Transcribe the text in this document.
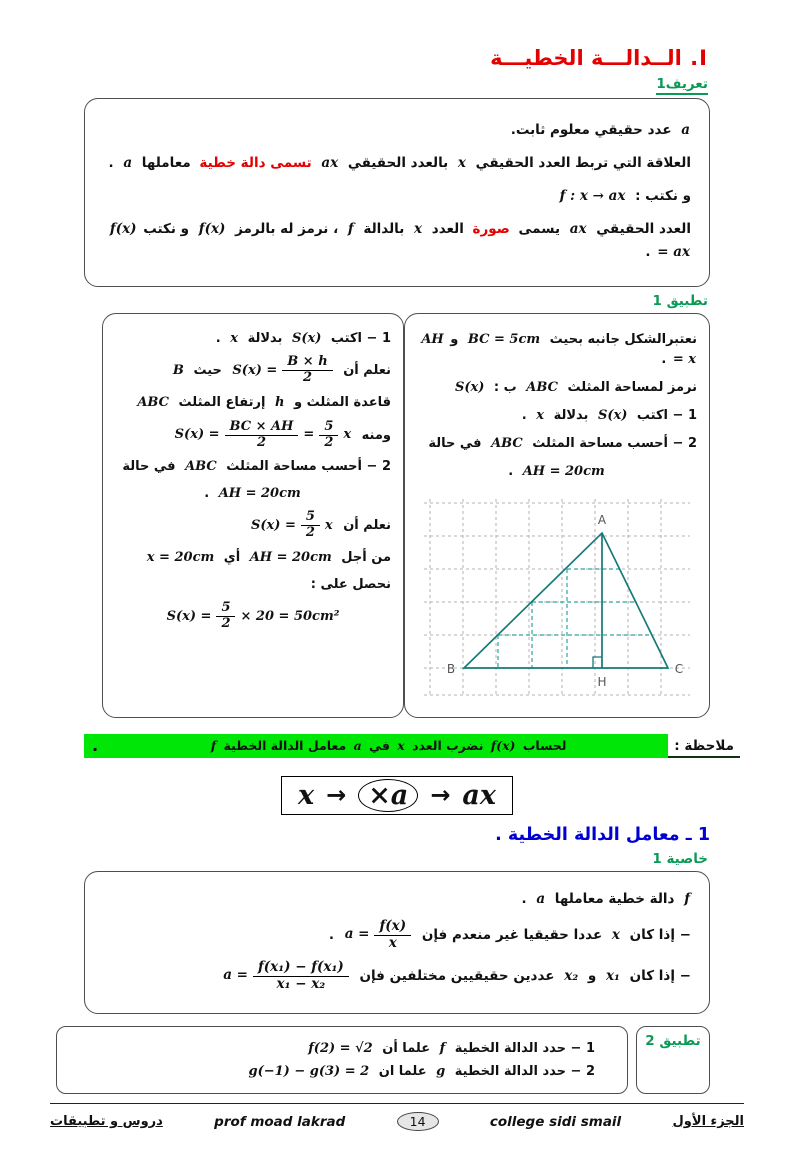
I. الــدالـــة الخطيـــة
تعريف1

a عدد حقيقي معلوم ثابت.

العلاقة التي تربط العدد الحقيقي x بالعدد الحقيقي ax تسمى دالة خطية معاملها a .

و نكتب : f : x → ax

العدد الحقيقي ax يسمى صورة العدد x بالدالة f ، نرمز له بالرمز f(x) و نكتب f(x) = ax .

تطبيق 1

نعتبرالشكل جانبه بحيث BC = 5cm و AH = x .

نرمز لمساحة المثلث ABC ب : S(x)

1 − اكتب S(x) بدلالة x .

2 − أحسب مساحة المثلث ABC في حالة

AH = 20cm .

A
B	C
H

1 − اكتب S(x) بدلالة x .

نعلم أن
$S(x) = \frac{B \times h}{2}$
حيث B

قاعدة المثلث و h إرتفاع المثلث ABC

ومنه
$S(x) = \frac{BC \times AH}{2} = \frac{5}{2}$ x

2 − أحسب مساحة المثلث ABC في حالة

AH = 20cm .

نعلم أن
$S(x) = \frac{5}{2}$ x

من أجل AH = 20cm أي x = 20cm

نحصل على :

$S(x) = \frac{5}{2} \times 20 = 50cm^2$

ملاحظة :
لحساب f(x) نضرب العدد x في a معامل الدالة الخطية f
.
x → ×a → ax
1 ـ معامل الدالة الخطية .
خاصية 1

f دالة خطية معاملها a .

− إذا كان x عددا حقيقيا غير منعدم فإن
$a = \frac{f(x)}{x}$
.

− إذا كان x₁ و x₂ عددين حقيقيين مختلفين فإن
$a = \frac{\text{f(x₁) − f(x₁)}}{\text{x₁ − x₂}}$

تطبيق 2

1 − حدد الدالة الخطية f علما أن f(2) = √2

2 − حدد الدالة الخطية g علما ان g(−1) − g(3) = 2

الجزء الأول
college sidi smail
14
prof moad lakrad
دروس و تطبيقات
